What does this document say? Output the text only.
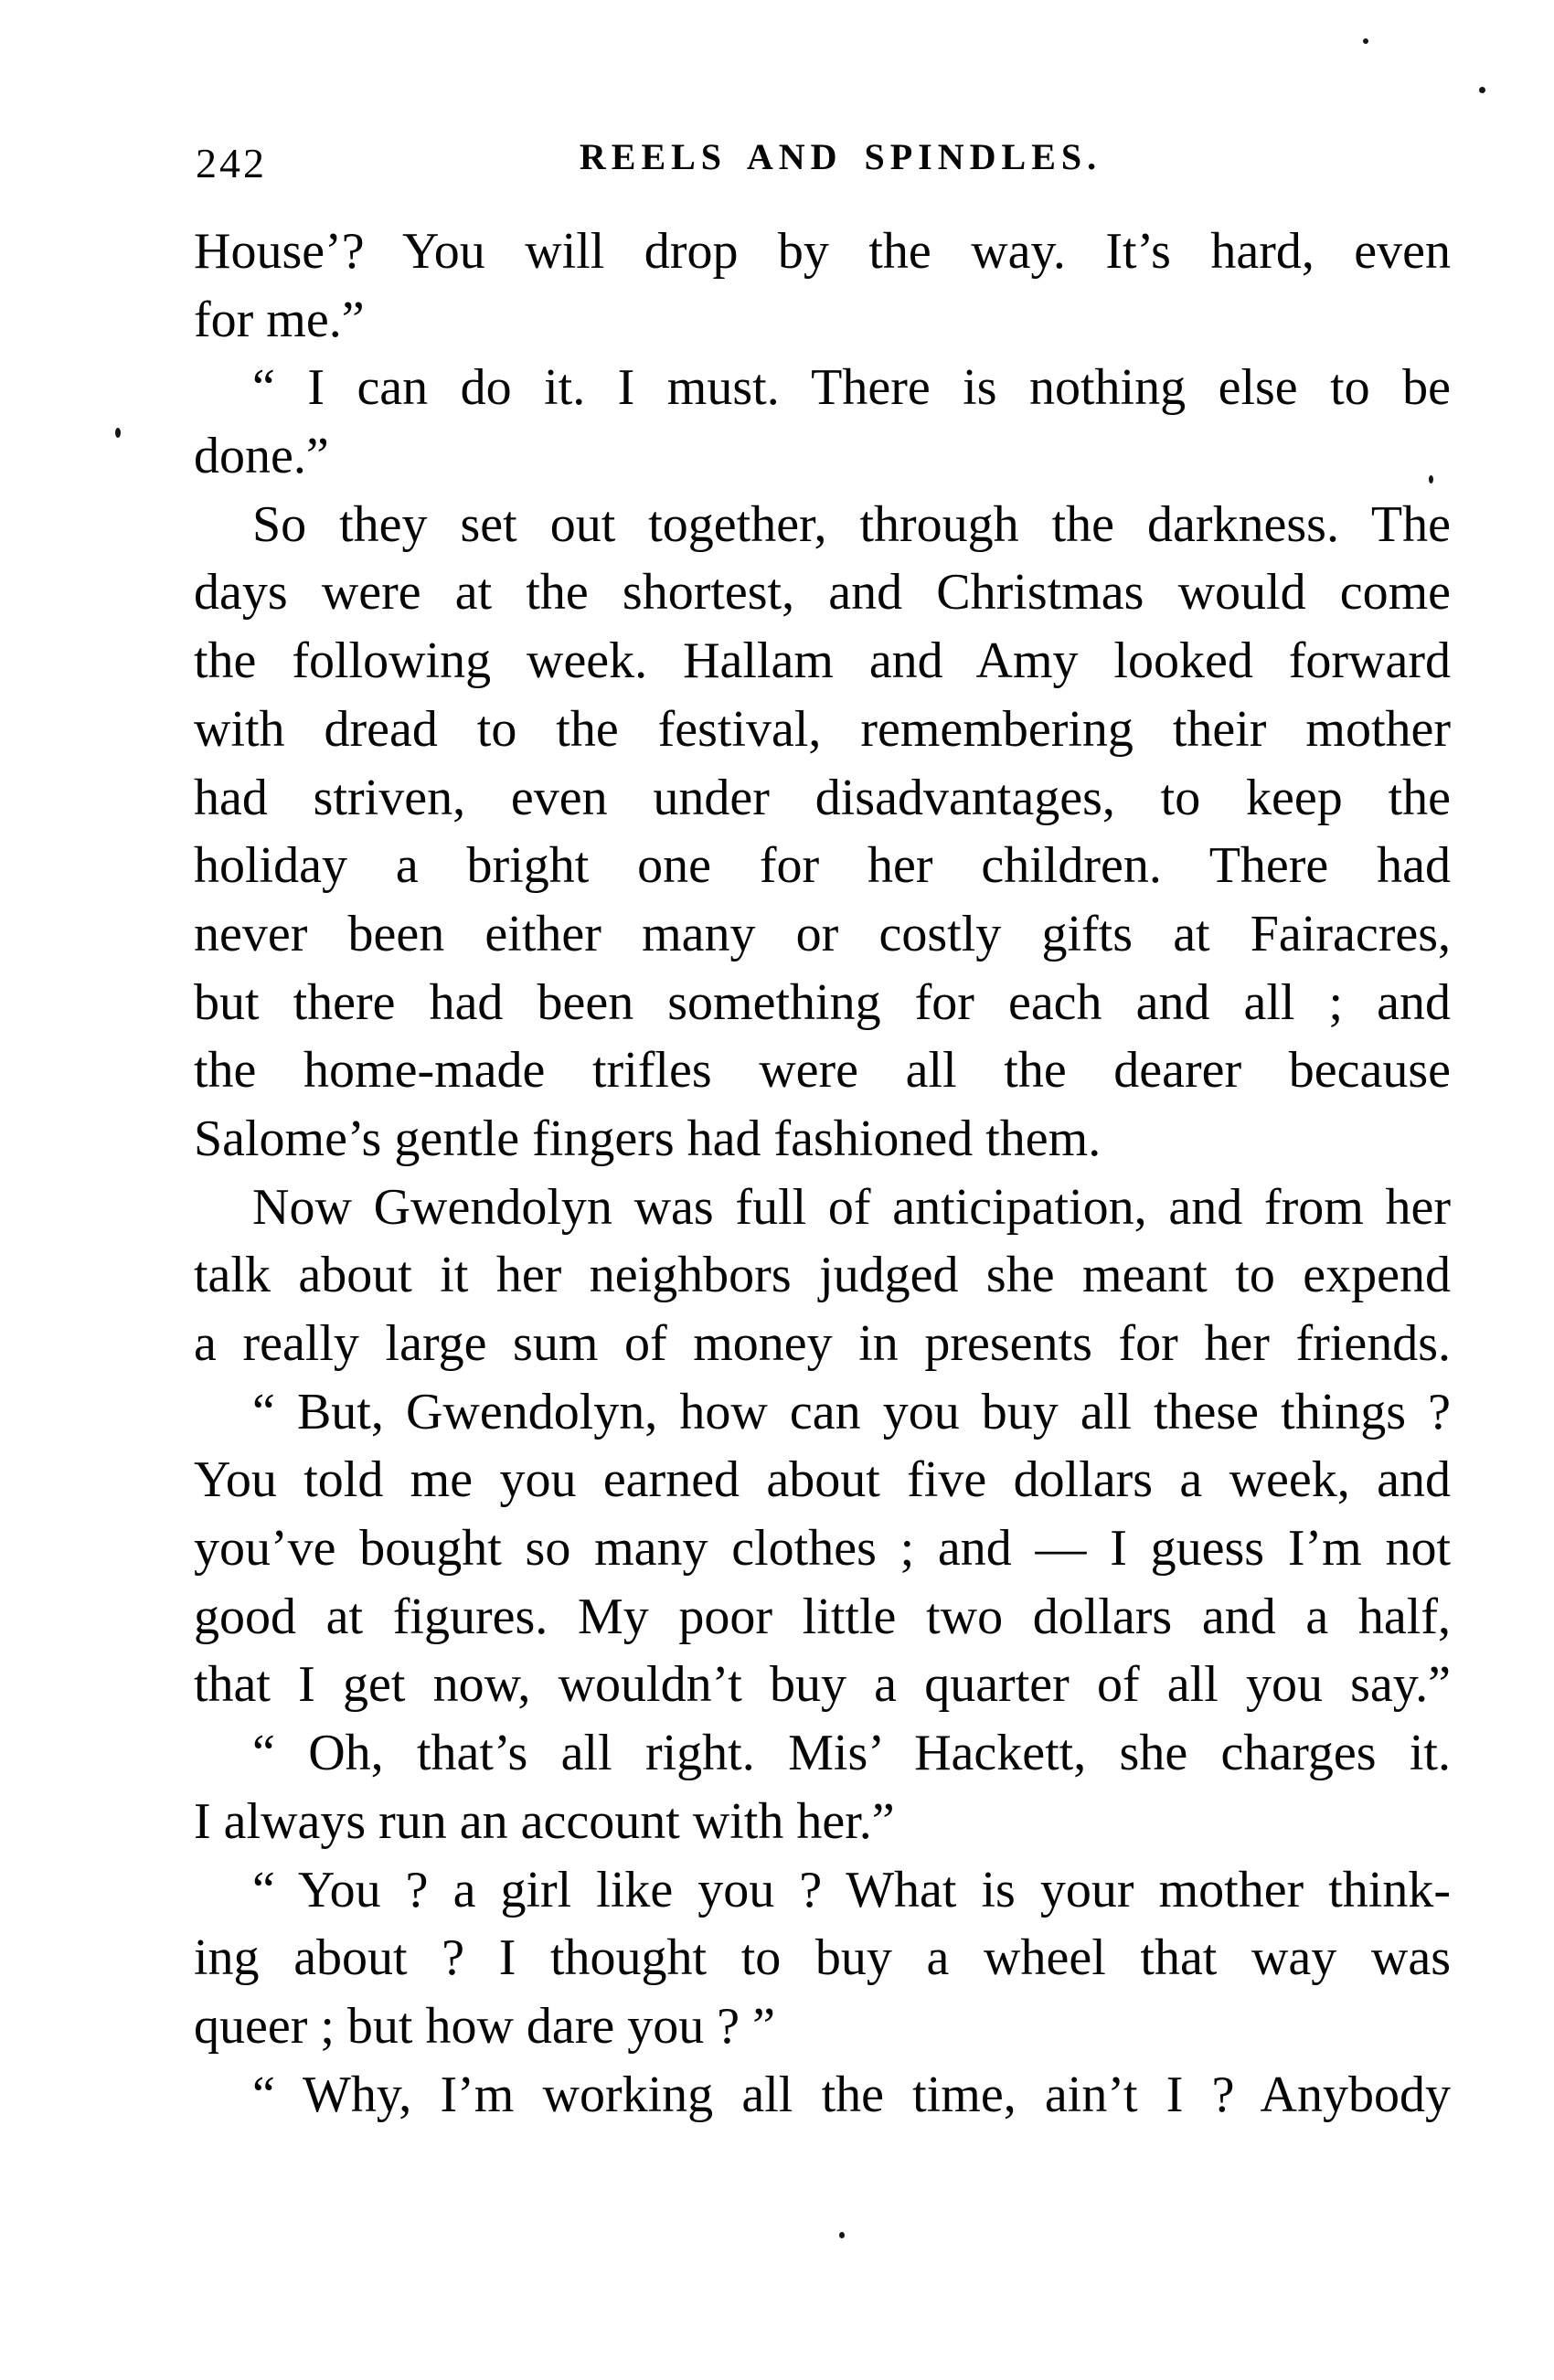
242	REELS AND SPINDLES.
House’? You will drop by the way. It’s hard, even
for me.”
“ I can do it. I must. There is nothing else to be
done.”
So they set out together, through the darkness. The
days were at the shortest, and Christmas would come
the following week. Hallam and Amy looked forward
with dread to the festival, remembering their mother
had striven, even under disadvantages, to keep the
holiday a bright one for her children. There had
never been either many or costly gifts at Fairacres,
but there had been something for each and all ; and
the home-made trifles were all the dearer because
Salome’s gentle fingers had fashioned them.
Now Gwendolyn was full of anticipation, and from her
talk about it her neighbors judged she meant to expend
a really large sum of money in presents for her friends.
“ But, Gwendolyn, how can you buy all these things ?
You told me you earned about five dollars a week, and
you’ve bought so many clothes ; and — I guess I’m not
good at figures. My poor little two dollars and a half,
that I get now, wouldn’t buy a quarter of all you say.”
“ Oh, that’s all right. Mis’ Hackett, she charges it.
I always run an account with her.”
“ You ? a girl like you ? What is your mother think-
ing about ? I thought to buy a wheel that way was
queer ; but how dare you ? ”
“ Why, I’m working all the time, ain’t I ? Anybody
